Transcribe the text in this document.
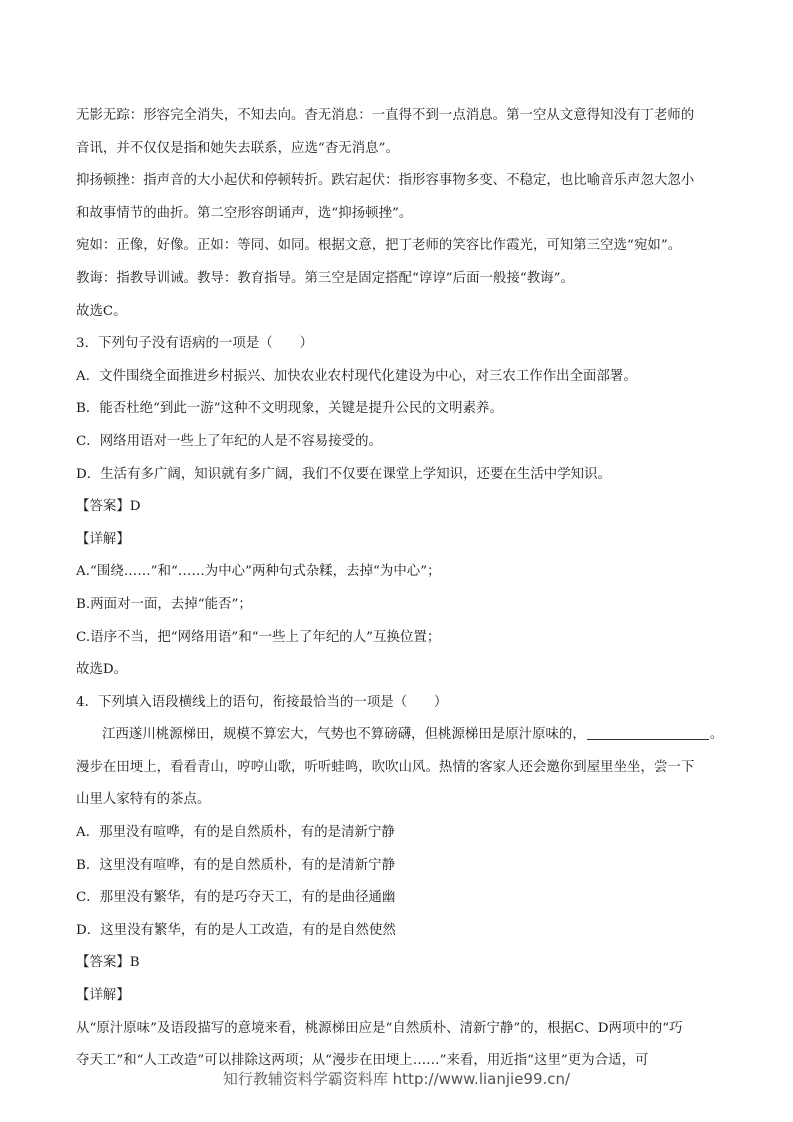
无影无踪：形容完全消失，不知去向。杳无消息：一直得不到一点消息。第一空从文意得知没有丁老师的

音讯，并不仅仅是指和她失去联系，应选“杳无消息”。

抑扬顿挫：指声音的大小起伏和停顿转折。跌宕起伏：指形容事物多变、不稳定，也比喻音乐声忽大忽小

和故事情节的曲折。第二空形容朗诵声，选“抑扬顿挫”。

宛如：正像，好像。正如：等同、如同。根据文意，把丁老师的笑容比作霞光，可知第三空选“宛如”。

教诲：指教导训诫。教导：教育指导。第三空是固定搭配“谆谆”后面一般接“教诲”。

故选C。

3．下列句子没有语病的一项是（　　）

A．文件围绕全面推进乡村振兴、加快农业农村现代化建设为中心，对三农工作作出全面部署。

B．能否杜绝“到此一游”这种不文明现象，关键是提升公民的文明素养。

C．网络用语对一些上了年纪的人是不容易接受的。

D．生活有多广阔，知识就有多广阔，我们不仅要在课堂上学知识，还要在生活中学知识。

【答案】D

【详解】

A.“围绕……”和“……为中心”两种句式杂糅，去掉“为中心”；

B.两面对一面，去掉“能否”；

C.语序不当，把“网络用语”和“一些上了年纪的人”互换位置；

故选D。

4．下列填入语段横线上的语句，衔接最恰当的一项是（　　）

江西遂川桃源梯田，规模不算宏大，气势也不算磅礴，但桃源梯田是原汁原味的，	。

漫步在田埂上，看看青山，哼哼山歌，听听蛙鸣，吹吹山风。热情的客家人还会邀你到屋里坐坐，尝一下

山里人家特有的茶点。

A．那里没有喧哗，有的是自然质朴，有的是清新宁静

B．这里没有喧哗，有的是自然质朴，有的是清新宁静

C．那里没有繁华，有的是巧夺天工，有的是曲径通幽

D．这里没有繁华，有的是人工改造，有的是自然使然

【答案】B

【详解】

从“原汁原味”及语段描写的意境来看，桃源梯田应是“自然质朴、清新宁静”的，根据C、D两项中的“巧

夺天工”和“人工改造”可以排除这两项；从“漫步在田埂上……”来看，用近指“这里”更为合适，可

知行教辅资料学霸资料库 http://www.lianjie99.cn/
